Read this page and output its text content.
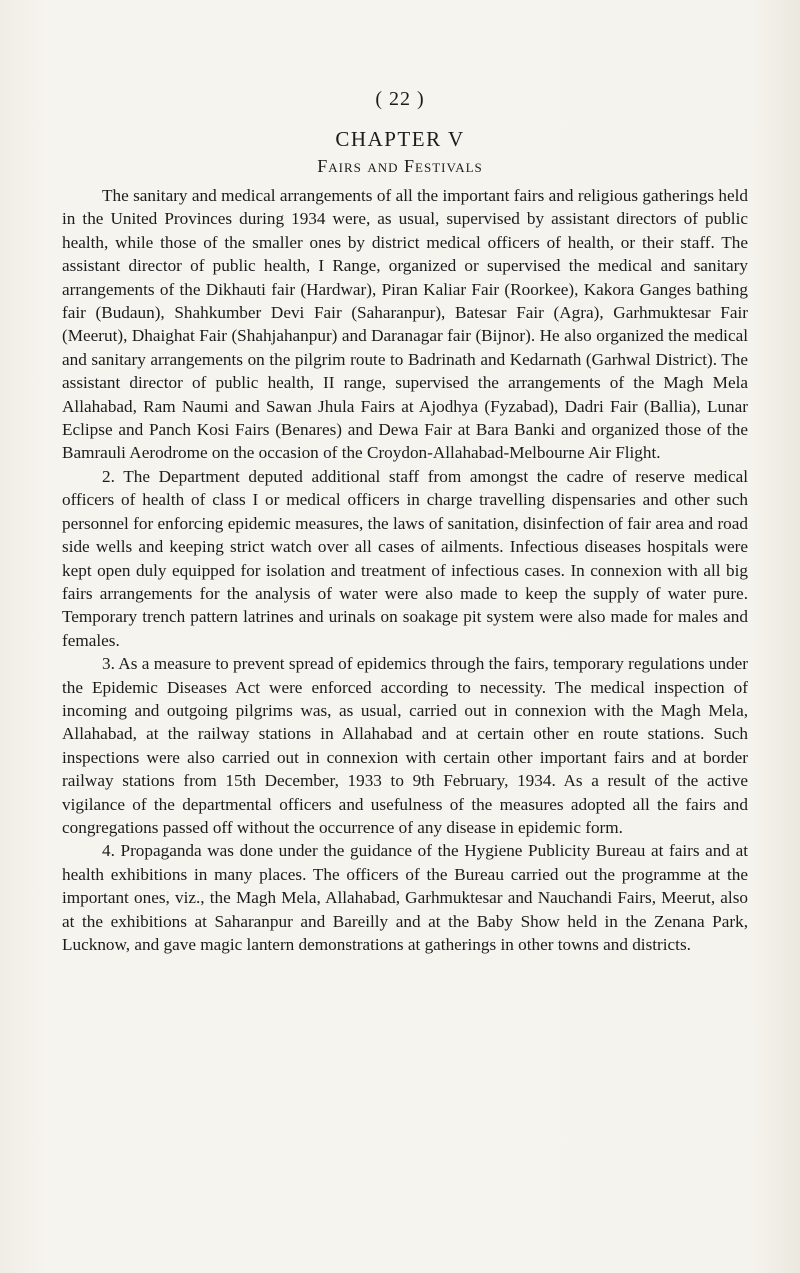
( 22 )
CHAPTER V
Fairs and Festivals

The sanitary and medical arrangements of all the important fairs and religious gatherings held in the United Provinces during 1934 were, as usual, supervised by assistant directors of public health, while those of the smaller ones by district medical officers of health, or their staff. The assistant director of public health, I Range, organized or supervised the medical and sanitary arrangements of the Dikhauti fair (Hardwar), Piran Kaliar Fair (Roorkee), Kakora Ganges bathing fair (Budaun), Shahkumber Devi Fair (Saharanpur), Batesar Fair (Agra), Garhmuktesar Fair (Meerut), Dhaighat Fair (Shahjahanpur) and Daranagar fair (Bijnor). He also organized the medical and sanitary arrangements on the pilgrim route to Badrinath and Kedarnath (Garhwal District). The assistant director of public health, II range, supervised the arrangements of the Magh Mela Allahabad, Ram Naumi and Sawan Jhula Fairs at Ajodhya (Fyzabad), Dadri Fair (Ballia), Lunar Eclipse and Panch Kosi Fairs (Benares) and Dewa Fair at Bara Banki and organized those of the Bamrauli Aerodrome on the occasion of the Croydon-Allahabad-Melbourne Air Flight.

2. The Department deputed additional staff from amongst the cadre of reserve medical officers of health of class I or medical officers in charge travelling dispensaries and other such personnel for enforcing epidemic measures, the laws of sanitation, disinfection of fair area and road side wells and keeping strict watch over all cases of ailments. Infectious diseases hospitals were kept open duly equipped for isolation and treatment of infectious cases. In connexion with all big fairs arrangements for the analysis of water were also made to keep the supply of water pure. Temporary trench pattern latrines and urinals on soakage pit system were also made for males and females.

3. As a measure to prevent spread of epidemics through the fairs, temporary regulations under the Epidemic Diseases Act were enforced according to necessity. The medical inspection of incoming and outgoing pilgrims was, as usual, carried out in connexion with the Magh Mela, Allahabad, at the railway stations in Allahabad and at certain other en route stations. Such inspections were also carried out in connexion with certain other important fairs and at border railway stations from 15th December, 1933 to 9th February, 1934. As a result of the active vigilance of the departmental officers and usefulness of the measures adopted all the fairs and congregations passed off without the occurrence of any disease in epidemic form.

4. Propaganda was done under the guidance of the Hygiene Publicity Bureau at fairs and at health exhibitions in many places. The officers of the Bureau carried out the programme at the important ones, viz., the Magh Mela, Allahabad, Garhmuktesar and Nauchandi Fairs, Meerut, also at the exhibitions at Saharanpur and Bareilly and at the Baby Show held in the Zenana Park, Lucknow, and gave magic lantern demonstrations at gatherings in other towns and districts.
